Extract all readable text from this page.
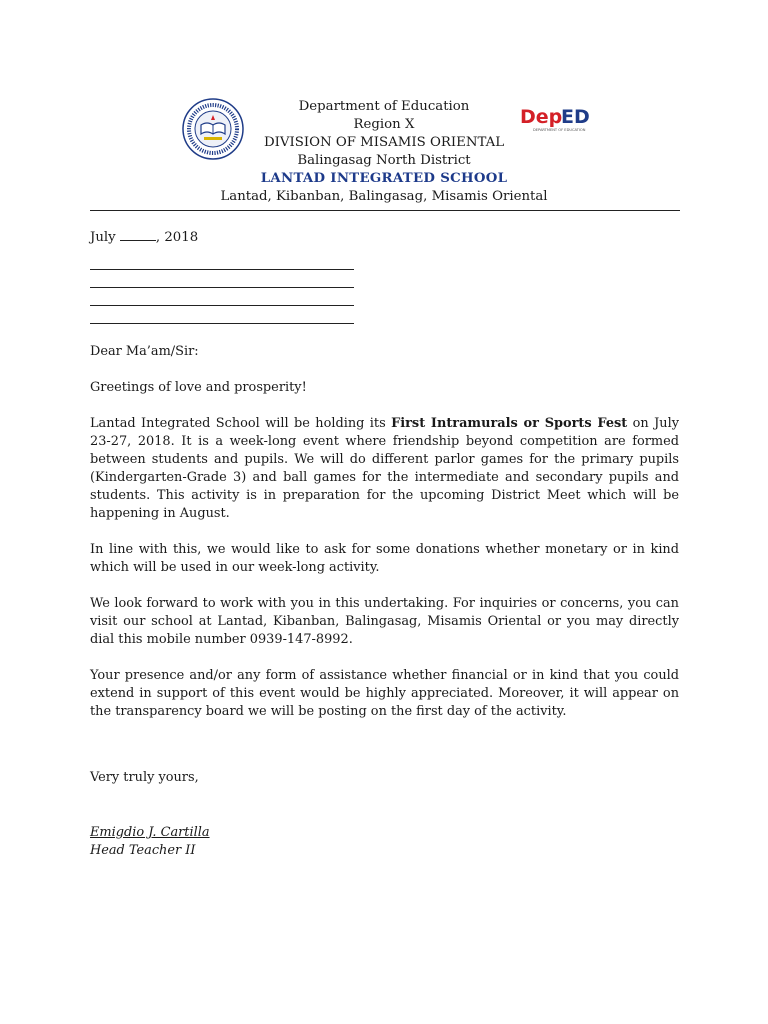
Dep
ED
DEPARTMENT OF EDUCATION
Department of Education
Region X
DIVISION OF MISAMIS ORIENTAL
Balingasag North District
LANTAD INTEGRATED SCHOOL
Lantad, Kibanban, Balingasag, Misamis Oriental
July	, 2018

Dear Ma’am/Sir:

Greetings of love and prosperity!

Lantad Integrated School will be holding its First Intramurals or Sports Fest on July 23-27, 2018. It is a week-long event where friendship beyond competition are formed between students and pupils. We will do different parlor games for the primary pupils (Kindergarten-Grade 3) and ball games for the intermediate and secondary pupils and students. This activity is in preparation for the upcoming District Meet which will be happening in August.

In line with this, we would like to ask for some donations whether monetary or in kind which will be used in our week-long activity.

We look forward to work with you in this undertaking. For inquiries or concerns, you can visit our school at Lantad, Kibanban, Balingasag, Misamis Oriental or you may directly dial this mobile number 0939-147-8992.

Your presence and/or any form of assistance whether financial or in kind that you could extend in support of this event would be highly appreciated. Moreover, it will appear on the transparency board we will be posting on the first day of the activity.

Very truly yours,
Emigdio J. Cartilla
Head Teacher II
